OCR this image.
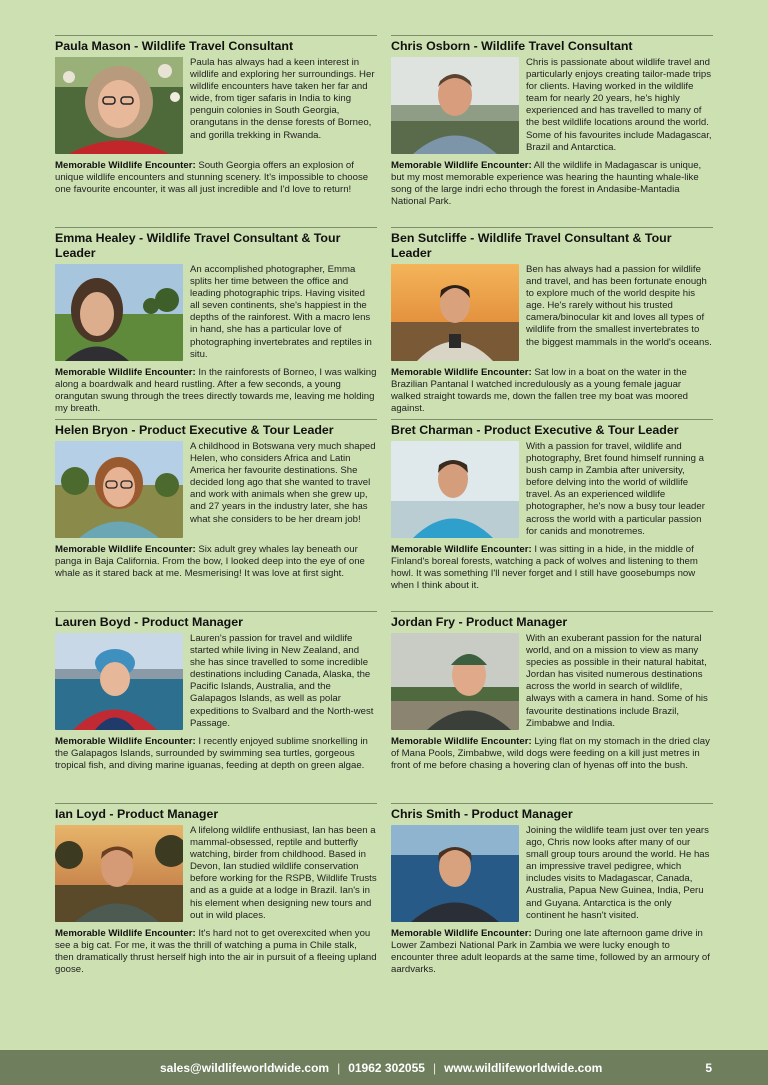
Paula Mason - Wildlife Travel Consultant

Paula has always had a keen interest in wildlife and exploring her surroundings. Her wildlife encounters have taken her far and wide, from tiger safaris in India to king penguin colonies in South Georgia, orangutans in the dense forests of Borneo, and gorilla trekking in Rwanda.

Memorable Wildlife Encounter: South Georgia offers an explosion of unique wildlife encounters and stunning scenery. It's impossible to choose one favourite encounter, it was all just incredible and I'd love to return!

Chris Osborn - Wildlife Travel Consultant

Chris is passionate about wildlife travel and particularly enjoys creating tailor-made trips for clients. Having worked in the wildlife team for nearly 20 years, he's highly experienced and has travelled to many of the best wildlife locations around the world. Some of his favourites include Madagascar, Brazil and Antarctica.

Memorable Wildlife Encounter: All the wildlife in Madagascar is unique, but my most memorable experience was hearing the haunting whale-like song of the large indri echo through the forest in Andasibe-Mantadia National Park.

Emma Healey - Wildlife Travel Consultant & Tour Leader

An accomplished photographer, Emma splits her time between the office and leading photographic trips. Having visited all seven continents, she's happiest in the depths of the rainforest. With a macro lens in hand, she has a particular love of photographing invertebrates and reptiles in situ.

Memorable Wildlife Encounter: In the rainforests of Borneo, I was walking along a boardwalk and heard rustling. After a few seconds, a young orangutan swung through the trees directly towards me, leaving me holding my breath.

Ben Sutcliffe - Wildlife Travel Consultant & Tour Leader

Ben has always had a passion for wildlife and travel, and has been fortunate enough to explore much of the world despite his age. He's rarely without his trusted camera/binocular kit and loves all types of wildlife from the smallest invertebrates to the biggest mammals in the world's oceans.

Memorable Wildlife Encounter: Sat low in a boat on the water in the Brazilian Pantanal I watched incredulously as a young female jaguar walked straight towards me, down the fallen tree my boat was moored against.

Helen Bryon - Product Executive & Tour Leader

A childhood in Botswana very much shaped Helen, who considers Africa and Latin America her favourite destinations. She decided long ago that she wanted to travel and work with animals when she grew up, and 27 years in the industry later, she has what she considers to be her dream job!

Memorable Wildlife Encounter: Six adult grey whales lay beneath our panga in Baja California. From the bow, I looked deep into the eye of one whale as it stared back at me. Mesmerising! It was love at first sight.

Bret Charman - Product Executive & Tour Leader

With a passion for travel, wildlife and photography, Bret found himself running a bush camp in Zambia after university, before delving into the world of wildlife travel. As an experienced wildlife photographer, he's now a busy tour leader across the world with a particular passion for canids and monotremes.

Memorable Wildlife Encounter: I was sitting in a hide, in the middle of Finland's boreal forests, watching a pack of wolves and listening to them howl. It was something I'll never forget and I still have goosebumps now when I think about it.

Lauren Boyd - Product Manager

Lauren's passion for travel and wildlife started while living in New Zealand, and she has since travelled to some incredible destinations including Canada, Alaska, the Pacific Islands, Australia, and the Galapagos Islands, as well as polar expeditions to Svalbard and the North-west Passage.

Memorable Wildlife Encounter: I recently enjoyed sublime snorkelling in the Galapagos Islands, surrounded by swimming sea turtles, gorgeous tropical fish, and diving marine iguanas, feeding at depth on green algae.

Jordan Fry - Product Manager

With an exuberant passion for the natural world, and on a mission to view as many species as possible in their natural habitat, Jordan has visited numerous destinations across the world in search of wildlife, always with a camera in hand. Some of his favourite destinations include Brazil, Zimbabwe and India.

Memorable Wildlife Encounter: Lying flat on my stomach in the dried clay of Mana Pools, Zimbabwe, wild dogs were feeding on a kill just metres in front of me before chasing a hovering clan of hyenas off into the bush.

Ian Loyd - Product Manager

A lifelong wildlife enthusiast, Ian has been a mammal-obsessed, reptile and butterfly watching, birder from childhood. Based in Devon, Ian studied wildlife conservation before working for the RSPB, Wildlife Trusts and as a guide at a lodge in Brazil. Ian's in his element when designing new tours and out in wild places.

Memorable Wildlife Encounter: It's hard not to get overexcited when you see a big cat. For me, it was the thrill of watching a puma in Chile stalk, then dramatically thrust herself high into the air in pursuit of a fleeing upland goose.

Chris Smith - Product Manager

Joining the wildlife team just over ten years ago, Chris now looks after many of our small group tours around the world. He has an impressive travel pedigree, which includes visits to Madagascar, Canada, Australia, Papua New Guinea, India, Peru and Guyana. Antarctica is the only continent he hasn't visited.

Memorable Wildlife Encounter: During one late afternoon game drive in Lower Zambezi National Park in Zambia we were lucky enough to encounter three adult leopards at the same time, followed by an armoury of aardvarks.

sales@wildlifeworldwide.com | 01962 302055 | www.wildlifeworldwide.com	5
